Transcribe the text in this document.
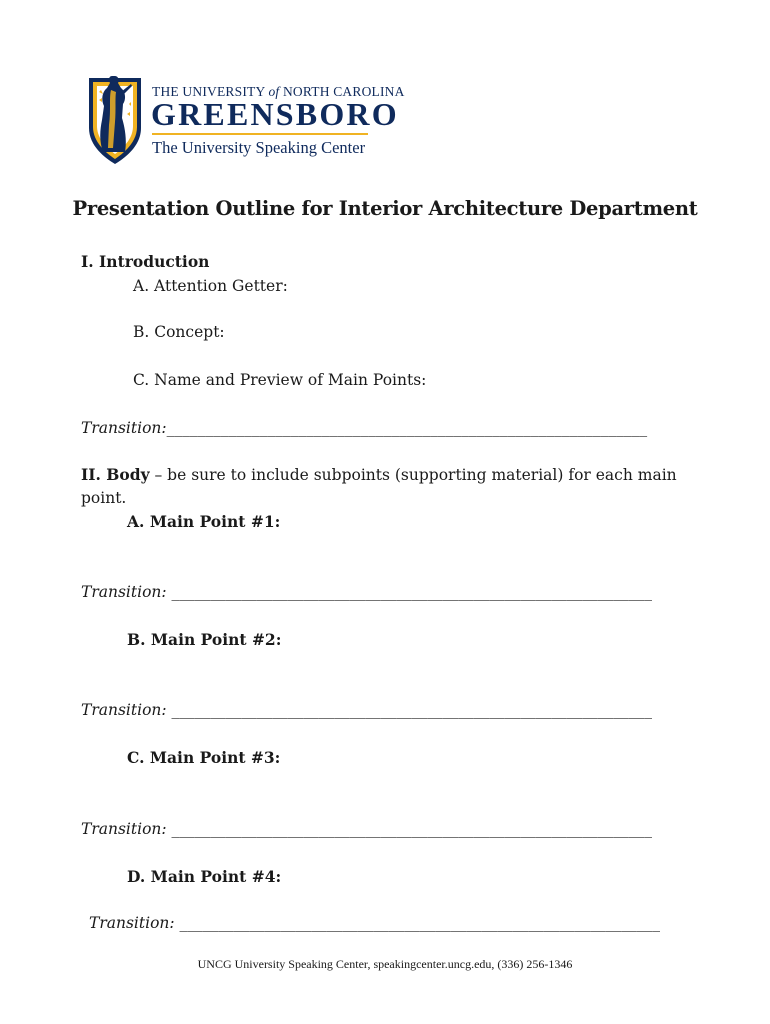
THE UNIVERSITY of NORTH CAROLINA
GREENSBORO
The University Speaking Center
Presentation Outline for Interior Architecture Department
I. Introduction
A. Attention Getter:
B. Concept:
C. Name and Preview of Main Points:
Transition:______________________________________________________________
II. Body – be sure to include subpoints (supporting material) for each main
point.
A. Main Point #1:
Transition: ______________________________________________________________
B. Main Point #2:
Transition: ______________________________________________________________
C. Main Point #3:
Transition: ______________________________________________________________
D. Main Point #4:
Transition: ______________________________________________________________
UNCG University Speaking Center, speakingcenter.uncg.edu, (336) 256-1346
